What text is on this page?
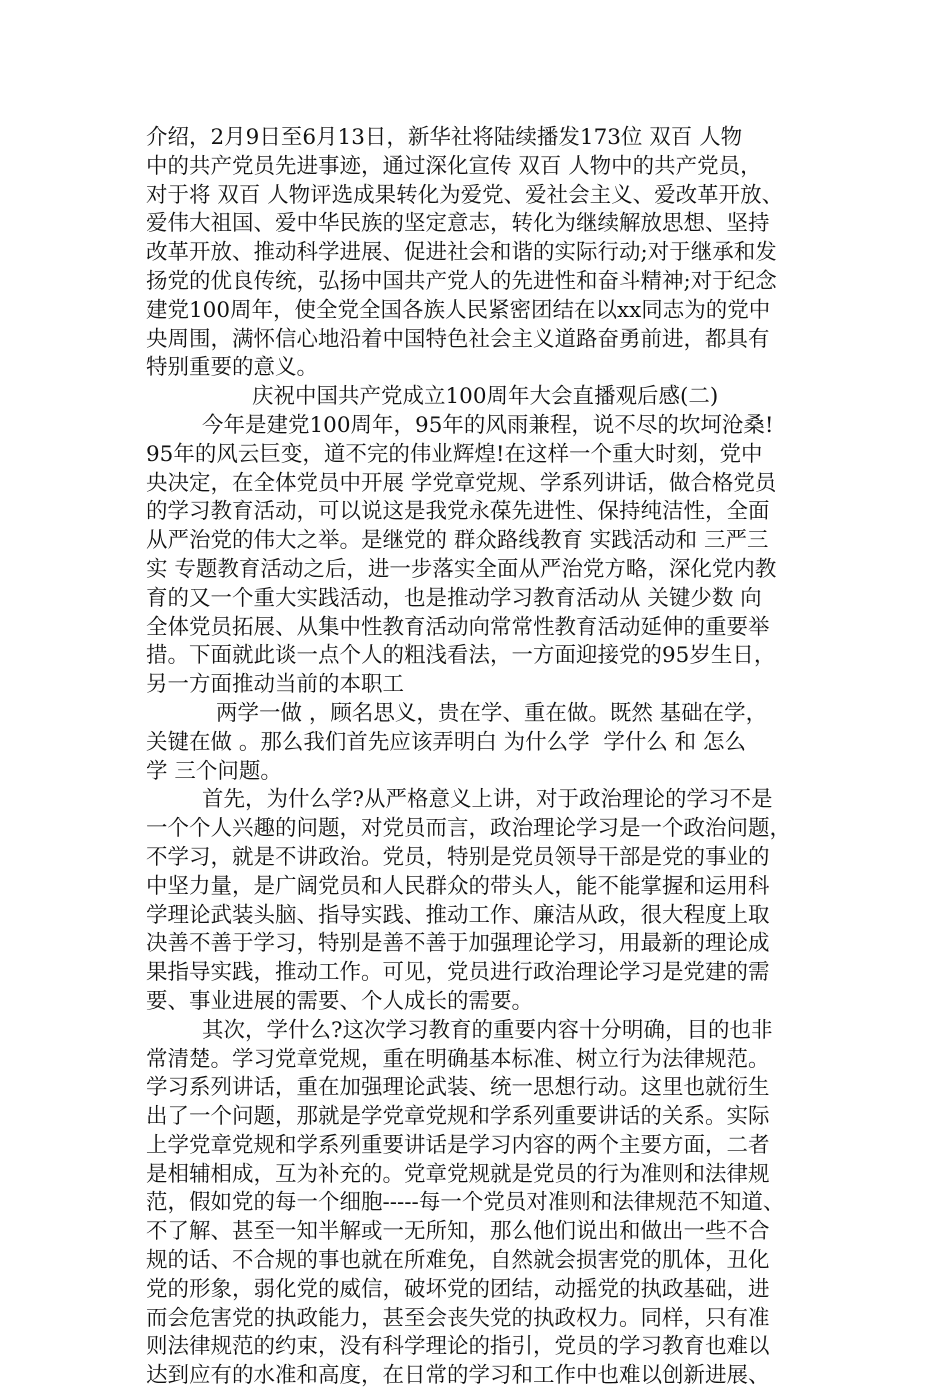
介绍，2月9日至6月13日，新华社将陆续播发173位 双百 人物
中的共产党员先进事迹，通过深化宣传 双百 人物中的共产党员，
对于将 双百 人物评选成果转化为爱党、爱社会主义、爱改革开放、
爱伟大祖国、爱中华民族的坚定意志，转化为继续解放思想、坚持
改革开放、推动科学进展、促进社会和谐的实际行动;对于继承和发
扬党的优良传统，弘扬中国共产党人的先进性和奋斗精神;对于纪念
建党100周年，使全党全国各族人民紧密团结在以xx同志为的党中
央周围，满怀信心地沿着中国特色社会主义道路奋勇前进，都具有
特别重要的意义。
庆祝中国共产党成立100周年大会直播观后感(二)
今年是建党100周年，95年的风雨兼程，说不尽的坎坷沧桑!
95年的风云巨变，道不完的伟业辉煌!在这样一个重大时刻，党中
央决定，在全体党员中开展 学党章党规、学系列讲话，做合格党员
的学习教育活动，可以说这是我党永葆先进性、保持纯洁性，全面
从严治党的伟大之举。是继党的 群众路线教育 实践活动和 三严三
实 专题教育活动之后，进一步落实全面从严治党方略，深化党内教
育的又一个重大实践活动，也是推动学习教育活动从 关键少数 向
全体党员拓展、从集中性教育活动向常常性教育活动延伸的重要举
措。下面就此谈一点个人的粗浅看法，一方面迎接党的95岁生日，
另一方面推动当前的本职工
两学一做 ，顾名思义，贵在学、重在做。既然 基础在学，
关键在做 。那么我们首先应该弄明白 为什么学  学什么 和 怎么
学 三个问题。
首先，为什么学?从严格意义上讲，对于政治理论的学习不是
一个个人兴趣的问题，对党员而言，政治理论学习是一个政治问题，
不学习，就是不讲政治。党员，特别是党员领导干部是党的事业的
中坚力量，是广阔党员和人民群众的带头人，能不能掌握和运用科
学理论武装头脑、指导实践、推动工作、廉洁从政，很大程度上取
决善不善于学习，特别是善不善于加强理论学习，用最新的理论成
果指导实践，推动工作。可见，党员进行政治理论学习是党建的需
要、事业进展的需要、个人成长的需要。
其次，学什么?这次学习教育的重要内容十分明确，目的也非
常清楚。学习党章党规，重在明确基本标准、树立行为法律规范。
学习系列讲话，重在加强理论武装、统一思想行动。这里也就衍生
出了一个问题，那就是学党章党规和学系列重要讲话的关系。实际
上学党章党规和学系列重要讲话是学习内容的两个主要方面，二者
是相辅相成，互为补充的。党章党规就是党员的行为准则和法律规
范，假如党的每一个细胞-----每一个党员对准则和法律规范不知道、
不了解、甚至一知半解或一无所知，那么他们说出和做出一些不合
规的话、不合规的事也就在所难免，自然就会损害党的肌体，丑化
党的形象，弱化党的威信，破坏党的团结，动摇党的执政基础，进
而会危害党的执政能力，甚至会丧失党的执政权力。同样，只有准
则法律规范的约束，没有科学理论的指引，党员的学习教育也难以
达到应有的水准和高度，在日常的学习和工作中也难以创新进展、
